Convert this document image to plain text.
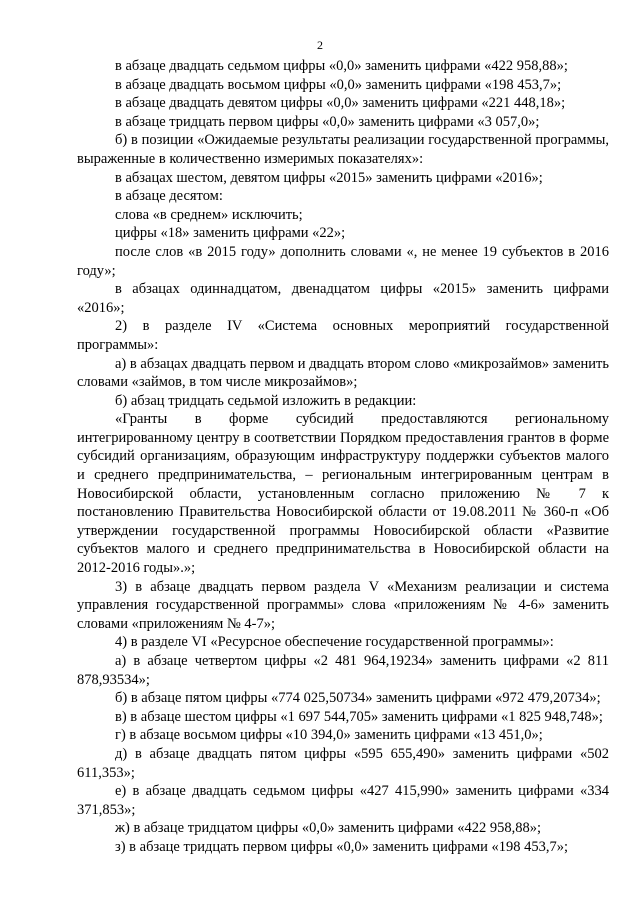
2

в абзаце двадцать седьмом цифры «0,0» заменить цифрами «422 958,88»;

в абзаце двадцать восьмом цифры «0,0» заменить цифрами «198 453,7»;

в абзаце двадцать девятом цифры «0,0» заменить цифрами «221 448,18»;

в абзаце тридцать первом цифры «0,0» заменить цифрами «3 057,0»;

б) в позиции «Ожидаемые результаты реализации государственной программы, выраженные в количественно измеримых показателях»:

в абзацах шестом, девятом цифры «2015» заменить цифрами «2016»;

в абзаце десятом:

слова «в среднем» исключить;

цифры «18» заменить цифрами «22»;

после слов «в 2015 году» дополнить словами «, не менее 19 субъектов в 2016 году»;

в абзацах одиннадцатом, двенадцатом цифры «2015» заменить цифрами «2016»;

2) в разделе IV «Система основных мероприятий государственной программы»:

а) в абзацах двадцать первом и двадцать втором слово «микрозаймов» заменить словами «займов, в том числе микрозаймов»;

б) абзац тридцать седьмой изложить в редакции:

«Гранты в форме субсидий предоставляются региональному интегрированному центру в соответствии Порядком предоставления грантов в форме субсидий организациям, образующим инфраструктуру поддержки субъектов малого и среднего предпринимательства, – региональным интегрированным центрам в Новосибирской области, установленным согласно приложению № 7 к постановлению Правительства Новосибирской области от 19.08.2011 № 360-п «Об утверждении государственной программы Новосибирской области «Развитие субъектов малого и среднего предпринимательства в Новосибирской области на 2012-2016 годы».»;

3) в абзаце двадцать первом раздела V «Механизм реализации и система управления государственной программы» слова «приложениям № 4-6» заменить словами «приложениям № 4-7»;

4) в разделе VI «Ресурсное обеспечение государственной программы»:

а) в абзаце четвертом цифры «2 481 964,19234» заменить цифрами «2 811 878,93534»;

б) в абзаце пятом цифры «774 025,50734» заменить цифрами «972 479,20734»;

в) в абзаце шестом цифры «1 697 544,705» заменить цифрами «1 825 948,748»;

г) в абзаце восьмом цифры «10 394,0» заменить цифрами «13 451,0»;

д) в абзаце двадцать пятом цифры «595 655,490» заменить цифрами «502 611,353»;

е) в абзаце двадцать седьмом цифры «427 415,990» заменить цифрами «334 371,853»;

ж) в абзаце тридцатом цифры «0,0» заменить цифрами «422 958,88»;

з) в абзаце тридцать первом цифры «0,0» заменить цифрами «198 453,7»;
